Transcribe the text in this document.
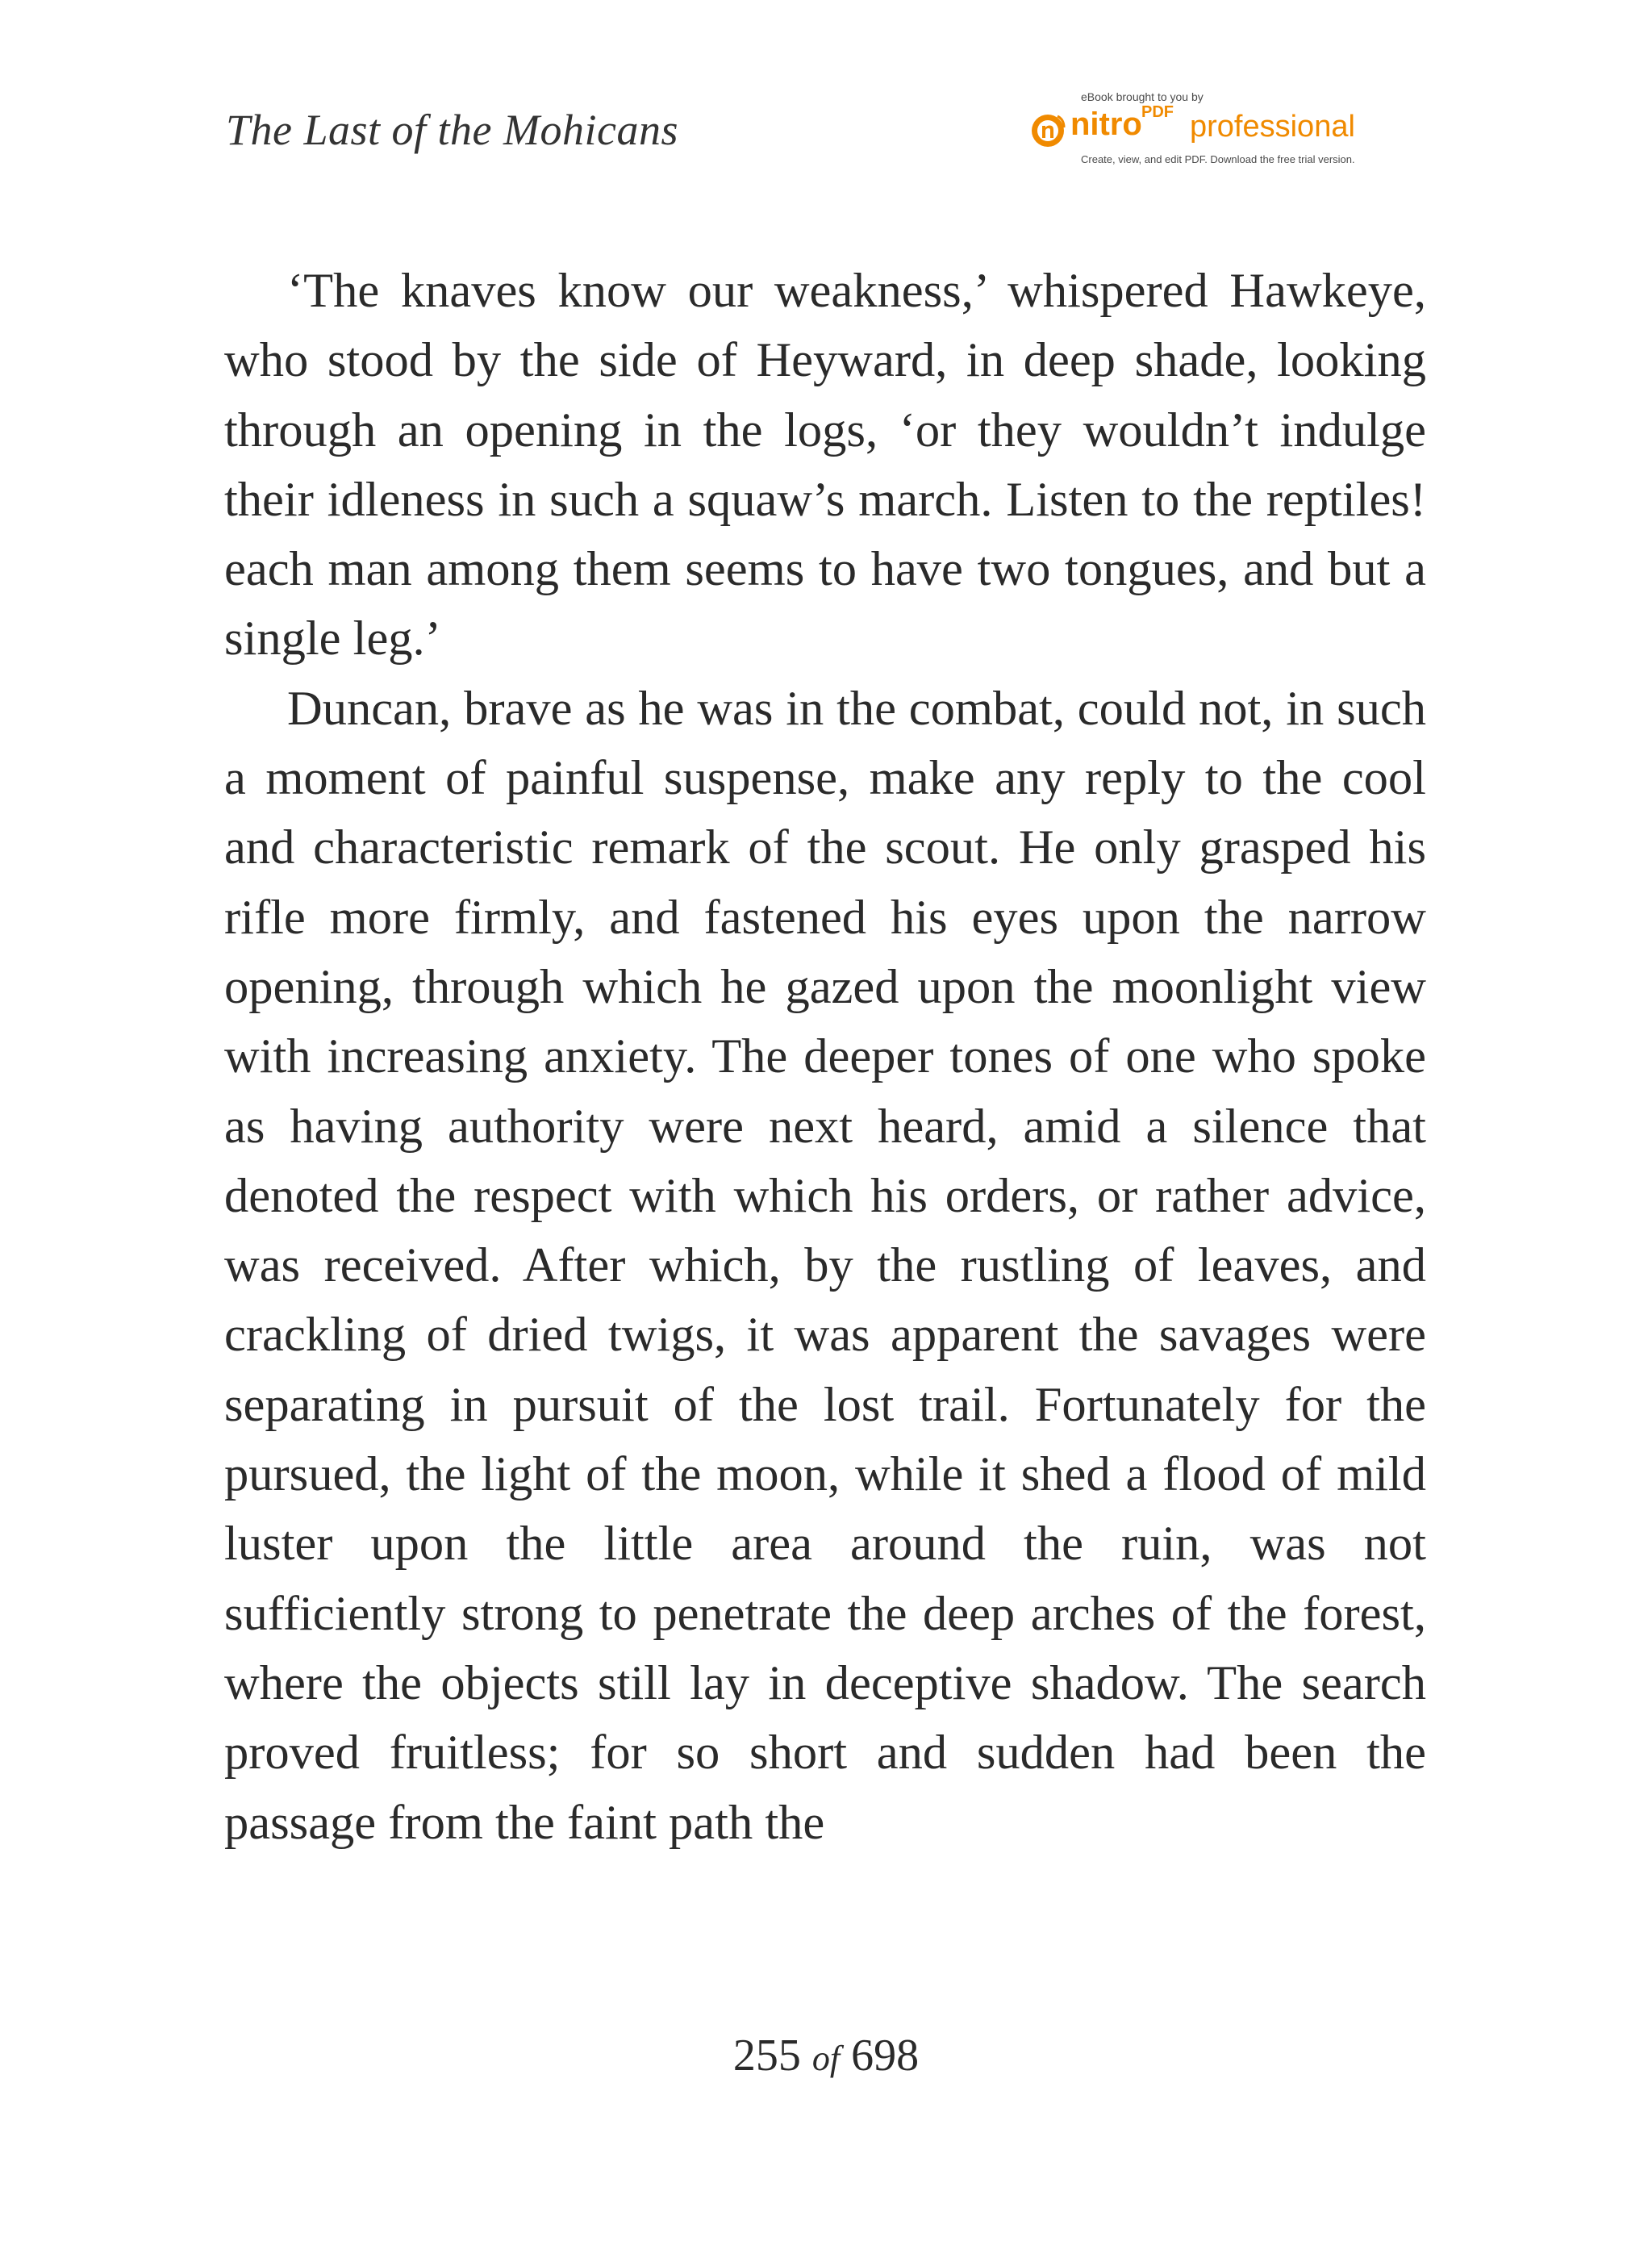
The Last of the Mohicans
eBook brought to you by
nitro PDF professional
Create, view, and edit PDF. Download the free trial version.

‘The knaves know our weakness,’ whispered Hawkeye, who stood by the side of Heyward, in deep shade, looking through an opening in the logs, ‘or they wouldn’t indulge their idleness in such a squaw’s march. Listen to the reptiles! each man among them seems to have two tongues, and but a single leg.’

Duncan, brave as he was in the combat, could not, in such a moment of painful suspense, make any reply to the cool and characteristic remark of the scout. He only grasped his rifle more firmly, and fastened his eyes upon the narrow opening, through which he gazed upon the moonlight view with increasing anxiety. The deeper tones of one who spoke as having authority were next heard, amid a silence that denoted the respect with which his orders, or rather advice, was received. After which, by the rustling of leaves, and crackling of dried twigs, it was apparent the savages were separating in pursuit of the lost trail. Fortunately for the pursued, the light of the moon, while it shed a flood of mild luster upon the little area around the ruin, was not sufficiently strong to penetrate the deep arches of the forest, where the objects still lay in deceptive shadow. The search proved fruitless; for so short and sudden had been the passage from the faint path the

255 of 698
